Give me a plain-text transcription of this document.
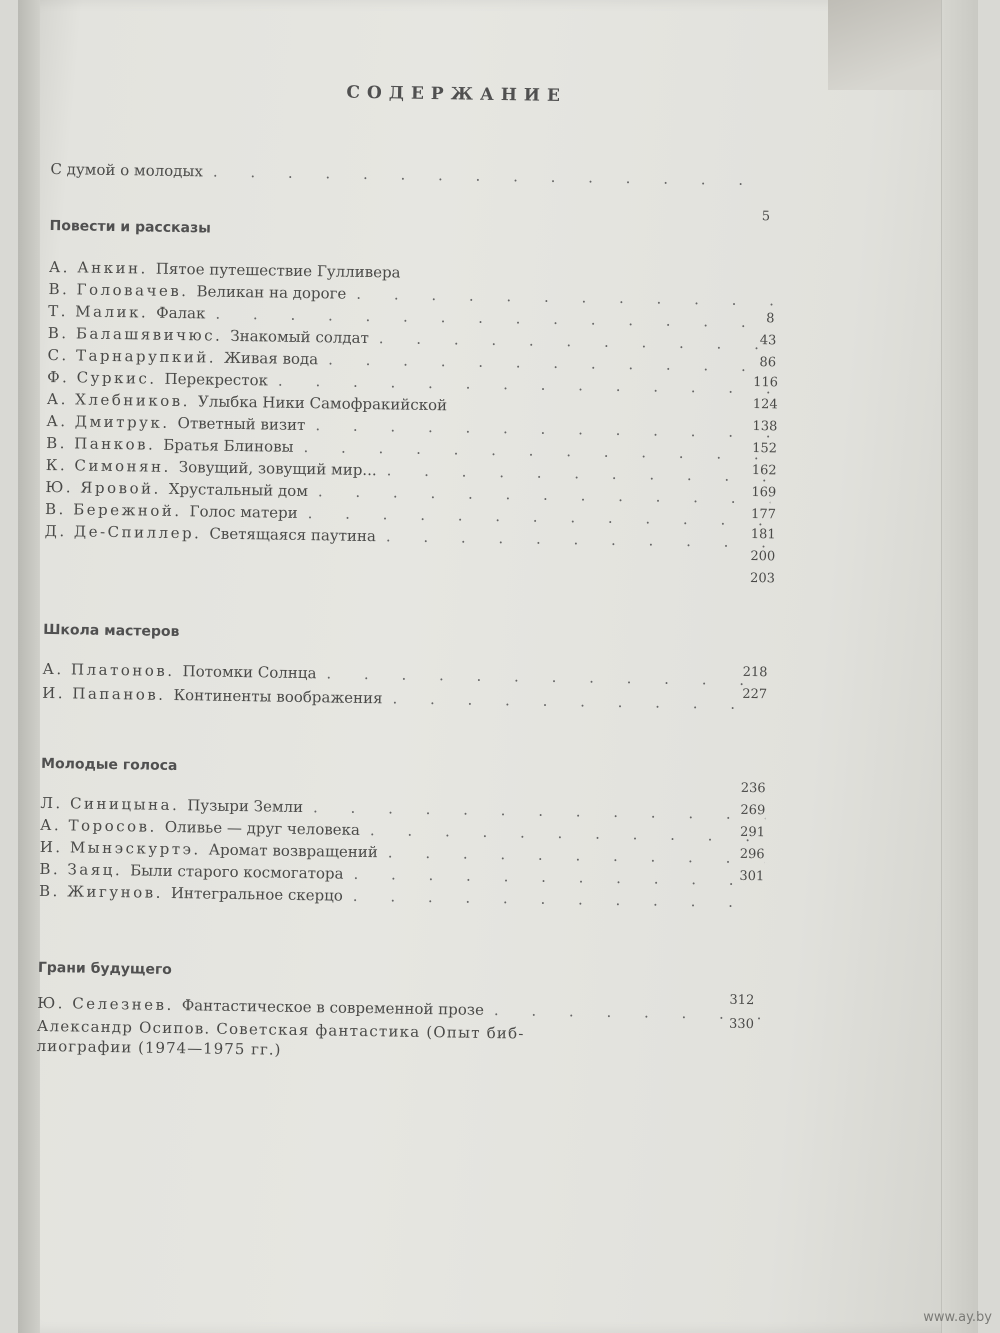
СОДЕРЖАНИЕ
С думой о молодых
. . .
5
Повести и рассказы
А. Анкин. Пятое путешествие Гулливера
В. Головачев. Великан на дороге
. . .
Т. Малик. Фалак
. . .
В. Балашявичюс. Знакомый солдат
. . .
С. Тарнарупкий. Живая вода
. . .
Ф. Суркис. Перекресток
. . .
А. Хлебников. Улыбка Ники Самофракийской
А. Дмитрук. Ответный визит
. . .
В. Панков. Братья Блиновы
. . .
К. Симонян. Зовущий, зовущий мир...
. . .
Ю. Яровой. Хрустальный дом
. . .
В. Бережной. Голос матери
. . .
Д. Де-Спиллер. Светящаяся паутина
. . .
8
43
86
116
124
138
152
162
169
177
181
200
203
Школа мастеров
А. Платонов. Потомки Солнца
. . .
И. Папанов. Континенты воображения
. . .
218
227
Молодые голоса
Л. Синицына. Пузыри Земли
. . .
А. Торосов. Оливье — друг человека
. . .
И. Мынэскуртэ. Аромат возвращений
. . .
В. Заяц. Были старого космогатора
. . .
В. Жигунов. Интегральное скерцо
. . .
236
269
291
296
301
Грани будущего
Ю. Селезнев. Фантастическое в современной прозе
. . .	312
Александр Осипов. Советская фантастика (Опыт биб-
лиографии (1974—1975 гг.)
330
www.ay.by
